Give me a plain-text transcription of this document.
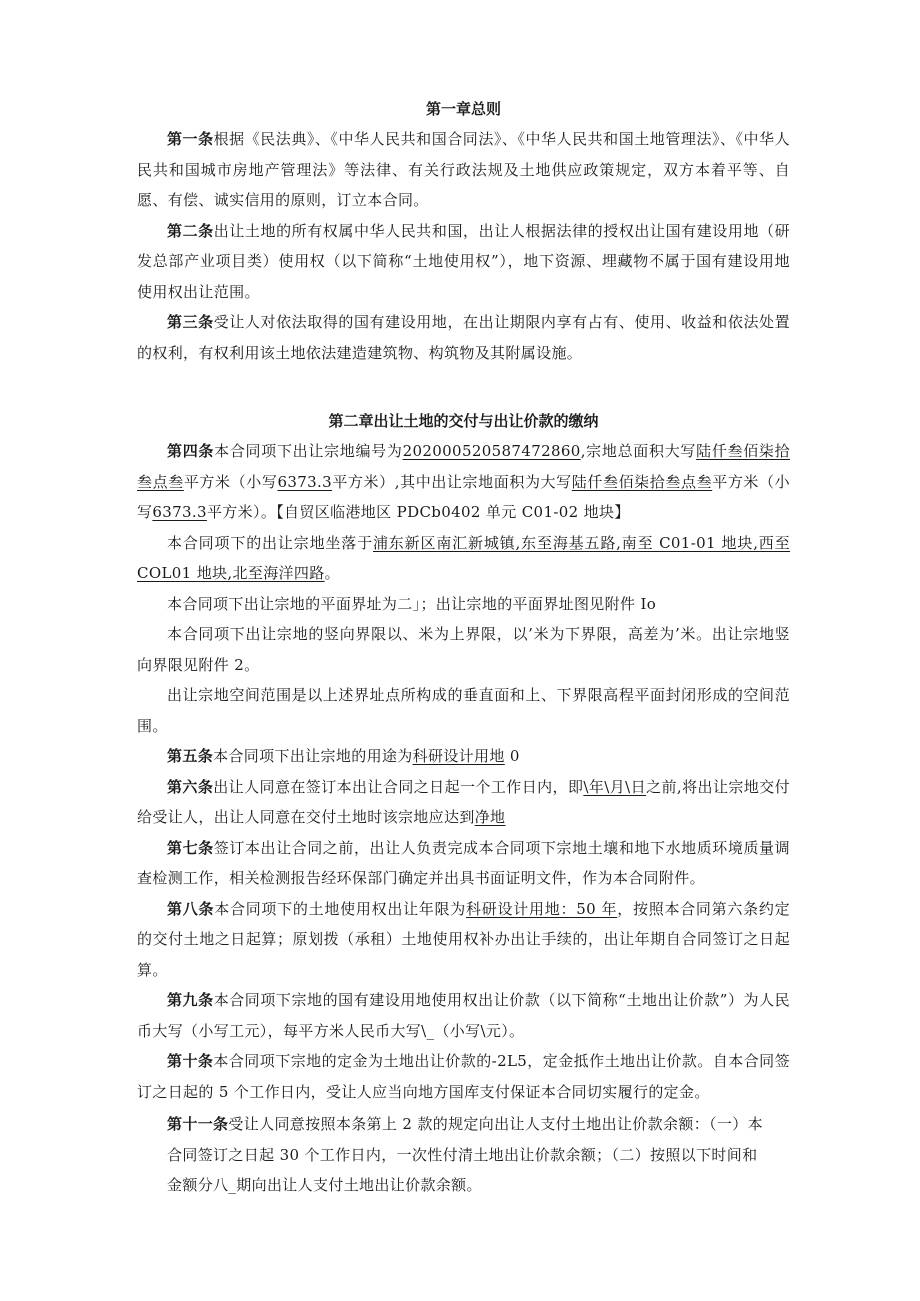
第一章总则

第一条根据《民法典》、《中华人民共和国合同法》、《中华人民共和国土地管理法》、《中华人民共和国城市房地产管理法》等法律、有关行政法规及土地供应政策规定，双方本着平等、自愿、有偿、诚实信用的原则，订立本合同。

第二条出让土地的所有权属中华人民共和国，出让人根据法律的授权出让国有建设用地（研发总部产业项目类）使用权（以下简称“土地使用权”），地下资源、埋藏物不属于国有建设用地使用权出让范围。

第三条受让人对依法取得的国有建设用地，在出让期限内享有占有、使用、收益和依法处置的权利，有权利用该土地依法建造建筑物、构筑物及其附属设施。

第二章出让土地的交付与出让价款的缴纳

第四条本合同项下出让宗地编号为202000520587472860,宗地总面积大写陆仟叁佰柒拾叁点叁平方米（小写6373.3平方米）,其中出让宗地面积为大写陆仟叁佰柒拾叁点叁平方米（小写6373.3平方米）。【自贸区临港地区 PDCb0402 单元 C01-02 地块】

本合同项下的出让宗地坐落于浦东新区南汇新城镇,东至海基五路,南至 C01-01 地块,西至 COL01 地块,北至海洋四路。

本合同项下出让宗地的平面界址为二」；出让宗地的平面界址图见附件 Io

本合同项下出让宗地的竖向界限以、米为上界限，以’米为下界限，高差为’米。出让宗地竖向界限见附件 2。

出让宗地空间范围是以上述界址点所构成的垂直面和上、下界限高程平面封闭形成的空间范围。

第五条本合同项下出让宗地的用途为科研设计用地 0

第六条出让人同意在签订本出让合同之日起一个工作日内，即\年\月\日之前,将出让宗地交付给受让人，出让人同意在交付土地时该宗地应达到净地

第七条签订本出让合同之前，出让人负责完成本合同项下宗地土壤和地下水地质环境质量调查检测工作，相关检测报告经环保部门确定并出具书面证明文件，作为本合同附件。

第八条本合同项下的土地使用权出让年限为科研设计用地：50 年，按照本合同第六条约定的交付土地之日起算；原划拨（承租）土地使用权补办出让手续的，出让年期自合同签订之日起算。

第九条本合同项下宗地的国有建设用地使用权出让价款（以下简称“土地出让价款”）为人民币大写（小写工元），每平方米人民币大写\_（小写\元）。

第十条本合同项下宗地的定金为土地出让价款的-2L5，定金抵作土地出让价款。自本合同签订之日起的 5 个工作日内，受让人应当向地方国库支付保证本合同切实履行的定金。

第十一条受让人同意按照本条第上 2 款的规定向出让人支付土地出让价款余额：（一）本

合同签订之日起 30 个工作日内，一次性付清土地出让价款余额；（二）按照以下时间和

金额分八_期向出让人支付土地出让价款余额。
